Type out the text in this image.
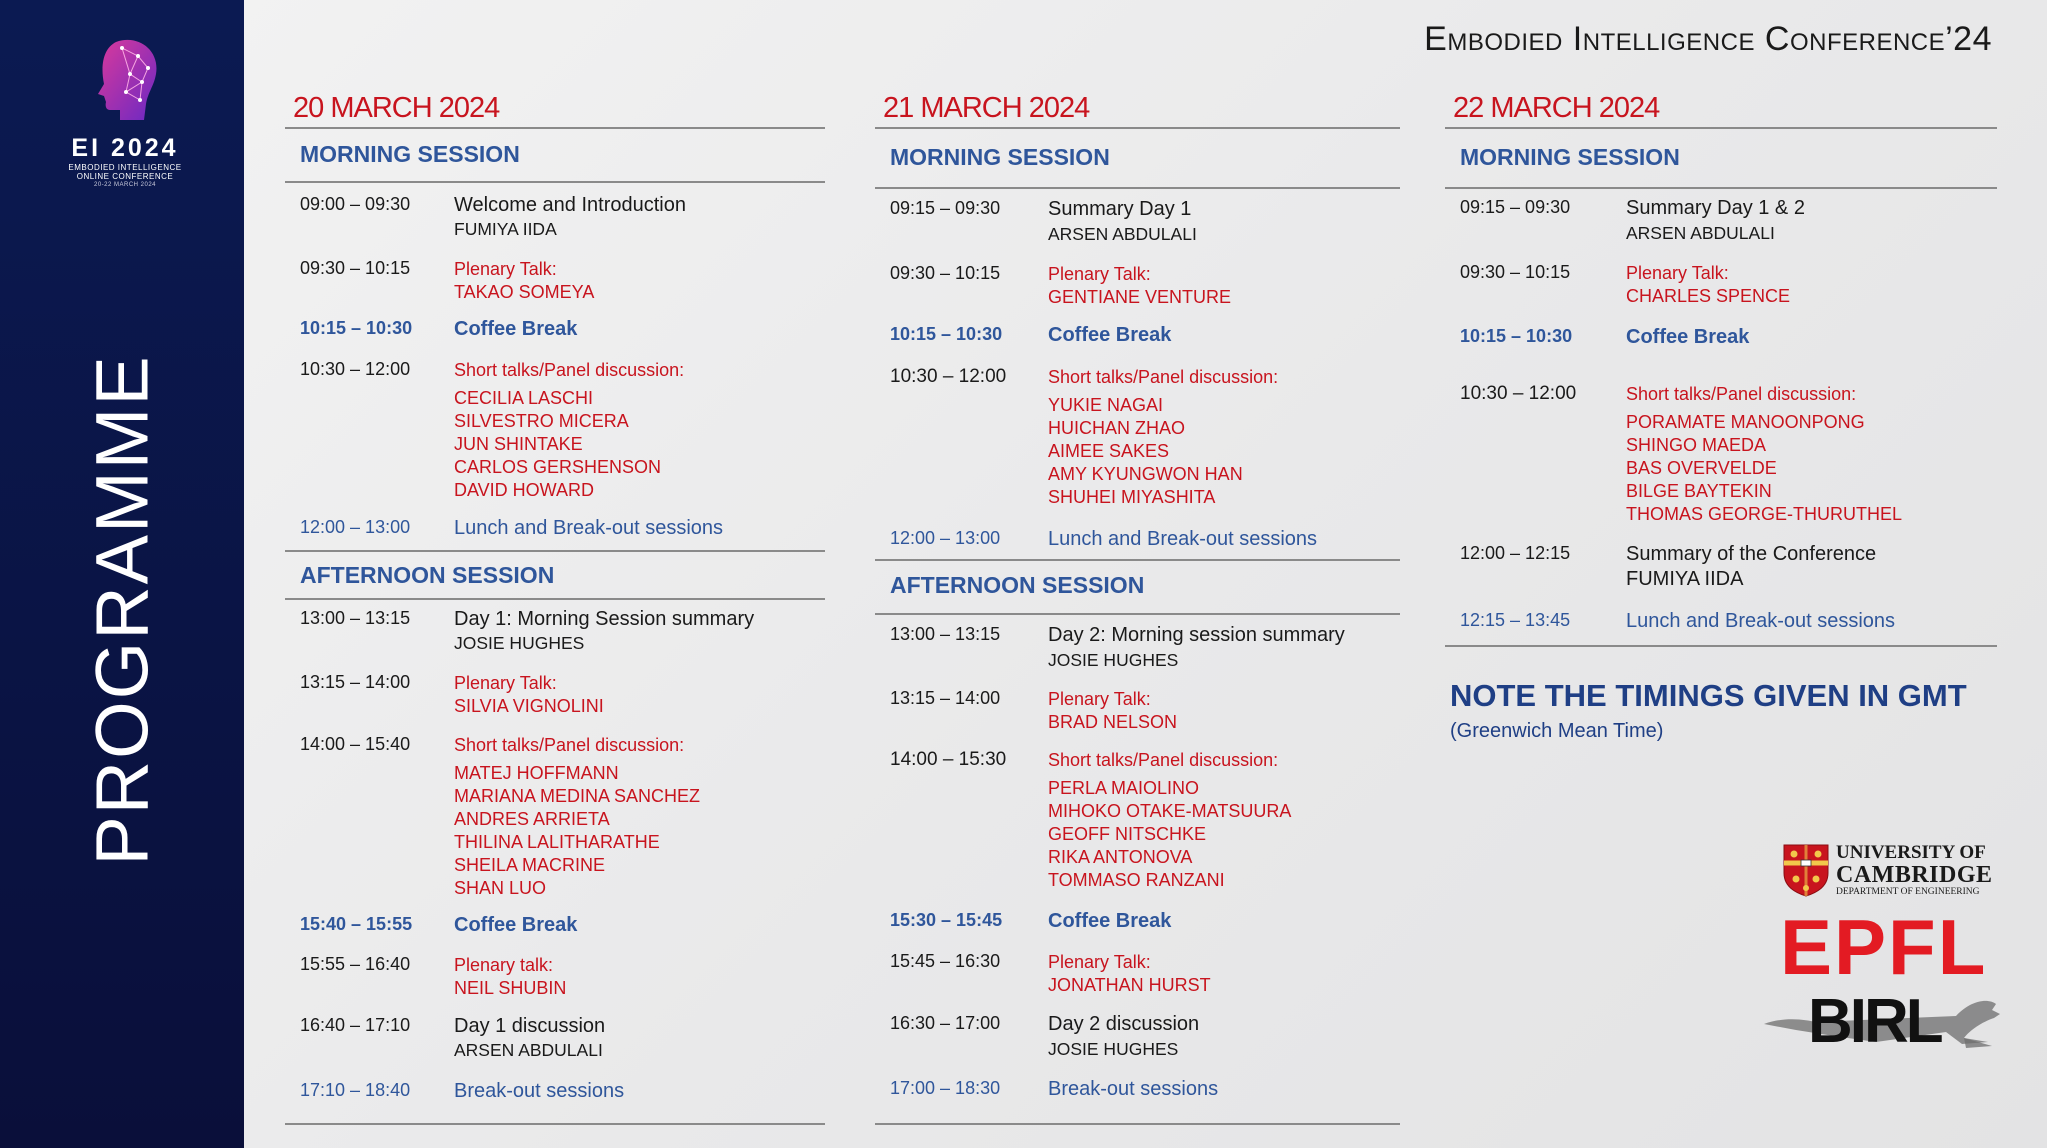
EI 2024
EMBODIED INTELLIGENCE
ONLINE CONFERENCE
20-22 MARCH 2024
PROGRAMME
Embodied Intelligence Conference’24
20 MARCH 2024
MORNING SESSION
09:00 – 09:30 Welcome and Introduction
FUMIYA IIDA
09:30 – 10:15 Plenary Talk:
TAKAO SOMEYA
10:15 – 10:30 Coffee Break
10:30 – 12:00 Short talks/Panel discussion:
CECILIA LASCHI
SILVESTRO MICERA
JUN SHINTAKE
CARLOS GERSHENSON
DAVID HOWARD
12:00 – 13:00 Lunch and Break-out sessions
AFTERNOON SESSION
13:00 – 13:15 Day 1: Morning Session summary
JOSIE HUGHES
13:15 – 14:00 Plenary Talk:
SILVIA VIGNOLINI
14:00 – 15:40 Short talks/Panel discussion:
MATEJ HOFFMANN
MARIANA MEDINA SANCHEZ
ANDRES ARRIETA
THILINA LALITHARATHE
SHEILA MACRINE
SHAN LUO
15:40 – 15:55 Coffee Break
15:55 – 16:40 Plenary talk:
NEIL SHUBIN
16:40 – 17:10 Day 1 discussion
ARSEN ABDULALI
17:10 – 18:40 Break-out sessions
21 MARCH 2024
MORNING SESSION
09:15 – 09:30 Summary Day 1
ARSEN ABDULALI
09:30 – 10:15	Plenary Talk:
GENTIANE VENTURE
10:15 – 10:30 Coffee Break
10:30 – 12:00 Short talks/Panel discussion:
YUKIE NAGAI
HUICHAN ZHAO
AIMEE SAKES
AMY KYUNGWON HAN
SHUHEI MIYASHITA
12:00 – 13:00 Lunch and Break-out sessions
AFTERNOON SESSION
13:00 – 13:15 Day 2: Morning session summary
JOSIE HUGHES
13:15 – 14:00	Plenary Talk:
BRAD NELSON
14:00 – 15:30 Short talks/Panel discussion:
PERLA MAIOLINO
MIHOKO OTAKE-MATSUURA
GEOFF NITSCHKE
RIKA ANTONOVA
TOMMASO RANZANI
15:30 – 15:45 Coffee Break
15:45 – 16:30	Plenary Talk:
JONATHAN HURST
16:30 – 17:00 Day 2 discussion
JOSIE HUGHES
17:00 – 18:30 Break-out sessions
22 MARCH 2024
MORNING SESSION
09:15 – 09:30	Summary Day 1 & 2
ARSEN ABDULALI
09:30 – 10:15	Plenary Talk:
CHARLES SPENCE
10:15 – 10:30	Coffee Break
10:30 – 12:00	Short talks/Panel discussion:
PORAMATE MANOONPONG
SHINGO MAEDA
BAS OVERVELDE
BILGE BAYTEKIN
THOMAS GEORGE-THURUTHEL
12:00 – 12:15	Summary of the Conference
FUMIYA IIDA
12:15 – 13:45	Lunch and Break-out sessions
NOTE THE TIMINGS GIVEN IN GMT
(Greenwich Mean Time)
UNIVERSITY OF
CAMBRIDGE
DEPARTMENT OF ENGINEERING
EPFL
BIRL
